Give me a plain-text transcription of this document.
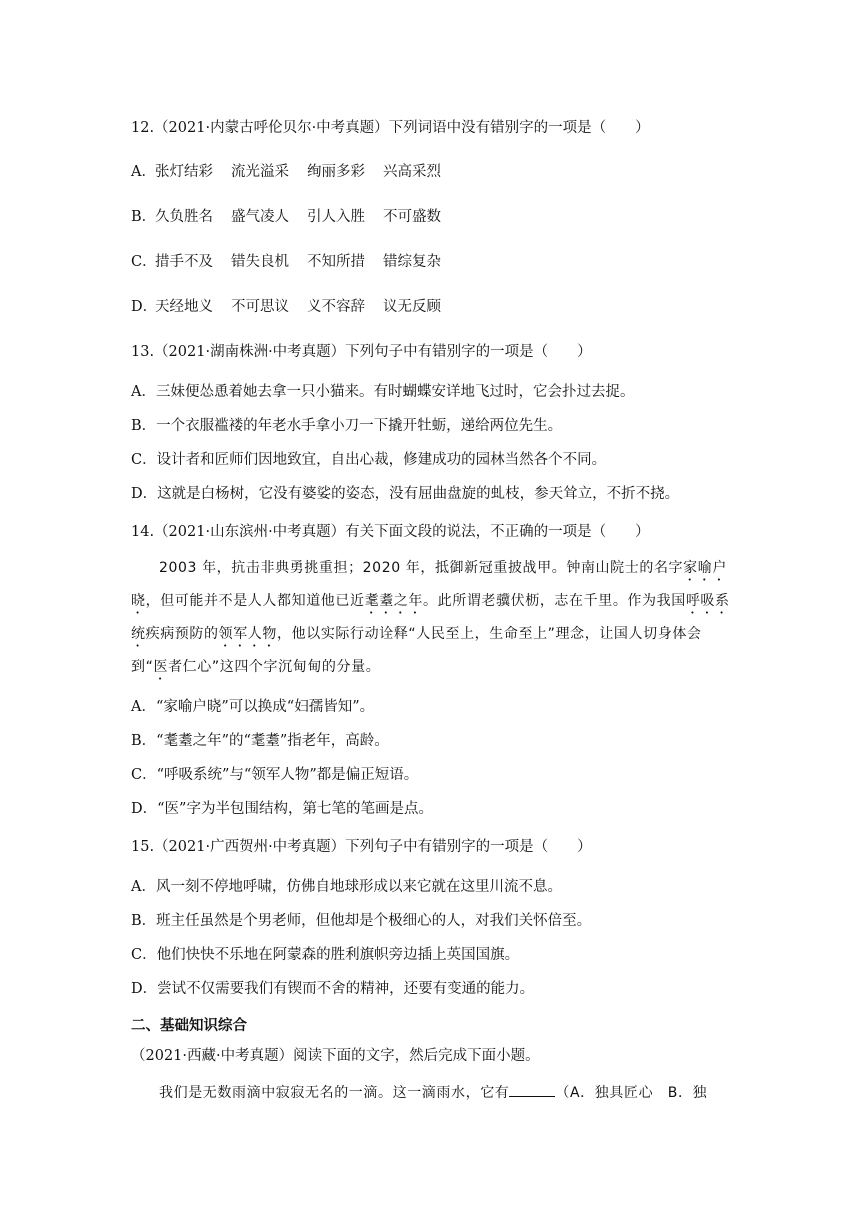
12.（2021·内蒙古呼伦贝尔·中考真题）下列词语中没有错别字的一项是（　　）
A．张灯结彩 流光溢采 绚丽多彩 兴高采烈
B．久负胜名 盛气凌人 引人入胜 不可盛数
C．措手不及 错失良机 不知所措 错综复杂
D．天经地义 不可思议 义不容辞 议无反顾
13.（2021·湖南株洲·中考真题）下列句子中有错别字的一项是（　　）
A．三妹便怂恿着她去拿一只小猫来。有时蝴蝶安详地飞过时，它会扑过去捉。
B．一个衣服褴褛的年老水手拿小刀一下撬开牡蛎，递给两位先生。
C．设计者和匠师们因地致宜，自出心裁，修建成功的园林当然各个不同。
D．这就是白杨树，它没有婆娑的姿态，没有屈曲盘旋的虬枝，参天耸立，不折不挠。
14.（2021·山东滨州·中考真题）有关下面文段的说法，不正确的一项是（　　）

2003 年，抗击非典勇挑重担；2020 年，抵御新冠重披战甲。钟南山院士的名字家喻户晓，但可能并不是人人都知道他已近耄耋之年。此所谓老骥伏枥，志在千里。作为我国呼吸系统疾病预防的领军人物，他以实际行动诠释“人民至上，生命至上”理念，让国人切身体会到“医者仁心”这四个字沉甸甸的分量。

A．“家喻户晓”可以换成“妇孺皆知”。
B．“耄耋之年”的“耄耋”指老年，高龄。
C．“呼吸系统”与“领军人物”都是偏正短语。
D．“医”字为半包围结构，第七笔的笔画是点。
15.（2021·广西贺州·中考真题）下列句子中有错别字的一项是（　　）
A．风一刻不停地呼啸，仿佛自地球形成以来它就在这里川流不息。
B．班主任虽然是个男老师，但他却是个极细心的人，对我们关怀倍至。
C．他们快快不乐地在阿蒙森的胜利旗帜旁边插上英国国旗。
D．尝试不仅需要我们有锲而不舍的精神，还要有变通的能力。
二、基础知识综合
（2021·西藏·中考真题）阅读下面的文字，然后完成下面小题。

我们是无数雨滴中寂寂无名的一滴。这一滴雨水，它有	（A．独具匠心　B．独
